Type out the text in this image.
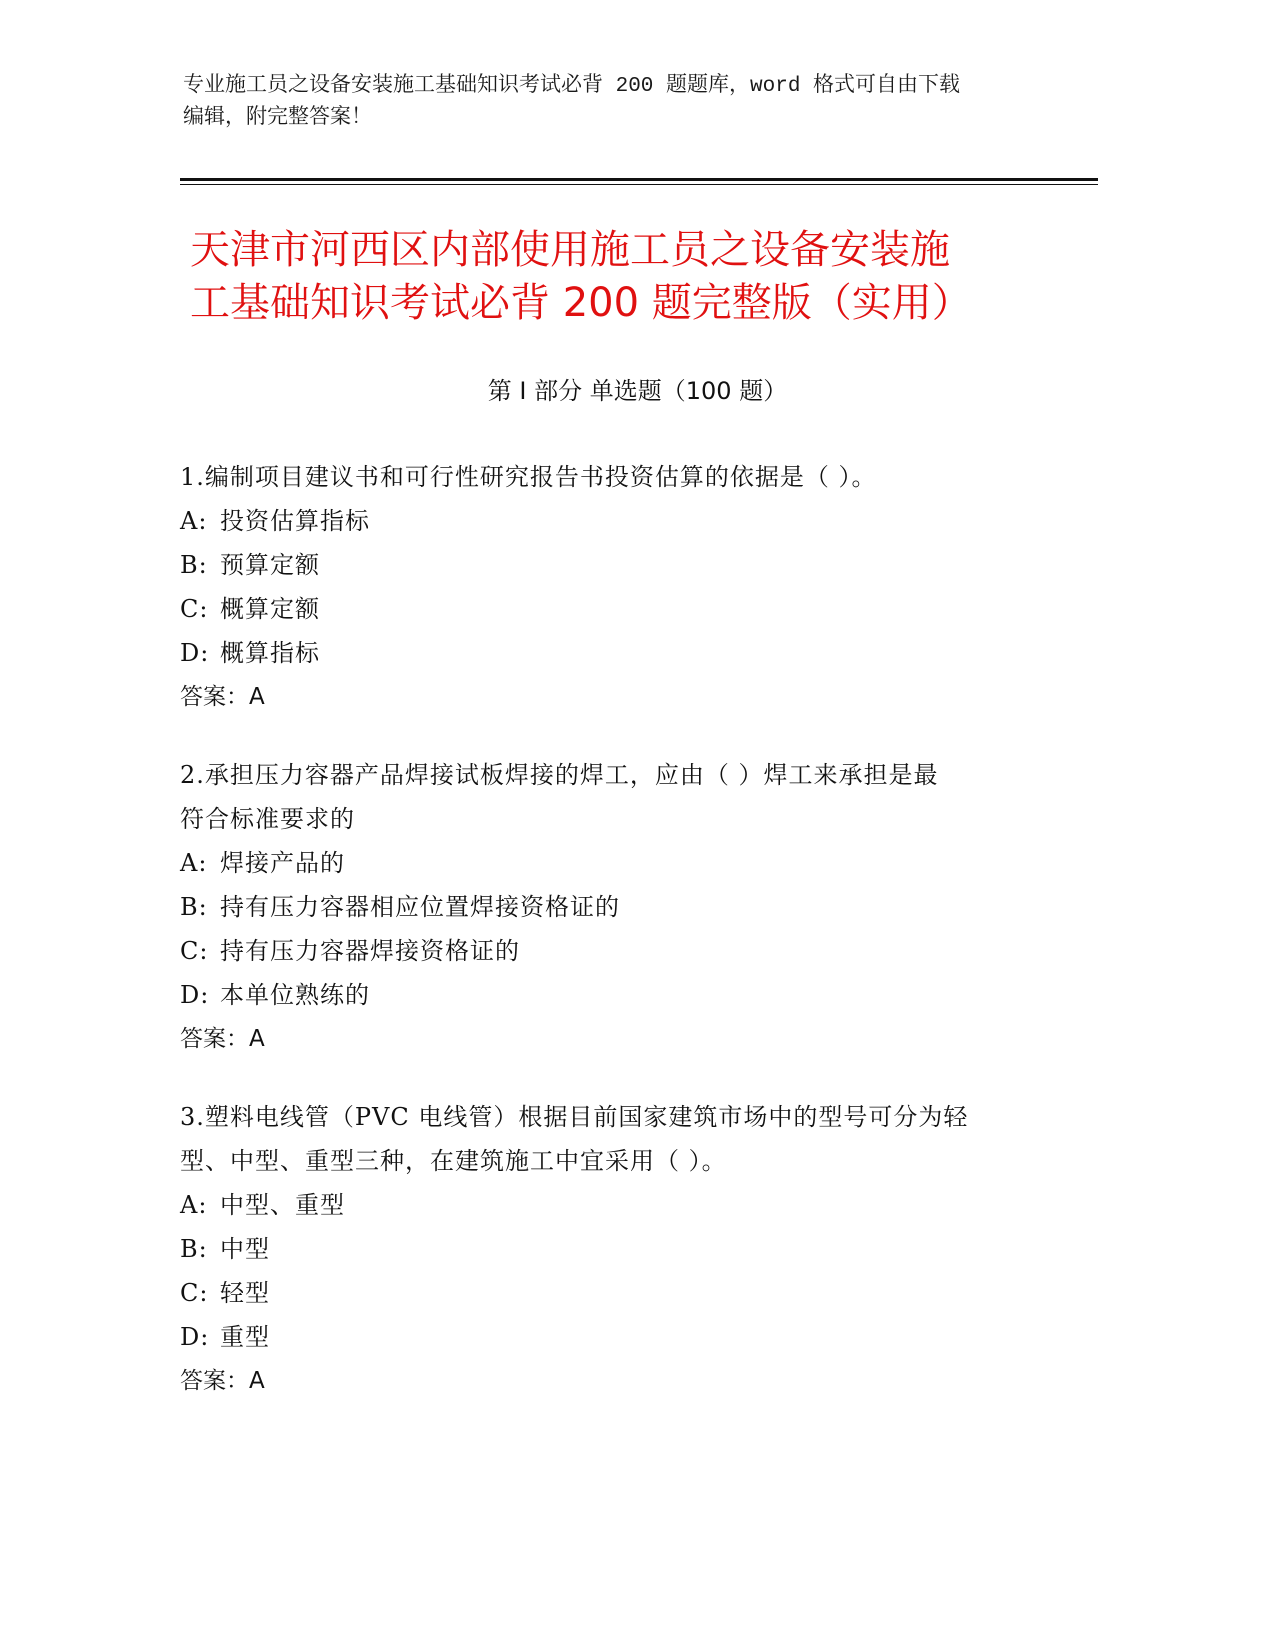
专业施工员之设备安装施工基础知识考试必背 200 题题库，word 格式可自由下载
编辑，附完整答案！
天津市河西区内部使用施工员之设备安装施
工基础知识考试必背 200 题完整版（实用）
第 I 部分 单选题（100 题）
1.编制项目建议书和可行性研究报告书投资估算的依据是（ ）。
A: 投资估算指标
B: 预算定额
C: 概算定额
D: 概算指标
答案：A
2.承担压力容器产品焊接试板焊接的焊工，应由（ ）焊工来承担是最
符合标准要求的
A: 焊接产品的
B: 持有压力容器相应位置焊接资格证的
C: 持有压力容器焊接资格证的
D: 本单位熟练的
答案：A
3.塑料电线管（PVC 电线管）根据目前国家建筑市场中的型号可分为轻
型、中型、重型三种，在建筑施工中宜采用（ ）。
A: 中型、重型
B: 中型
C: 轻型
D: 重型
答案：A
